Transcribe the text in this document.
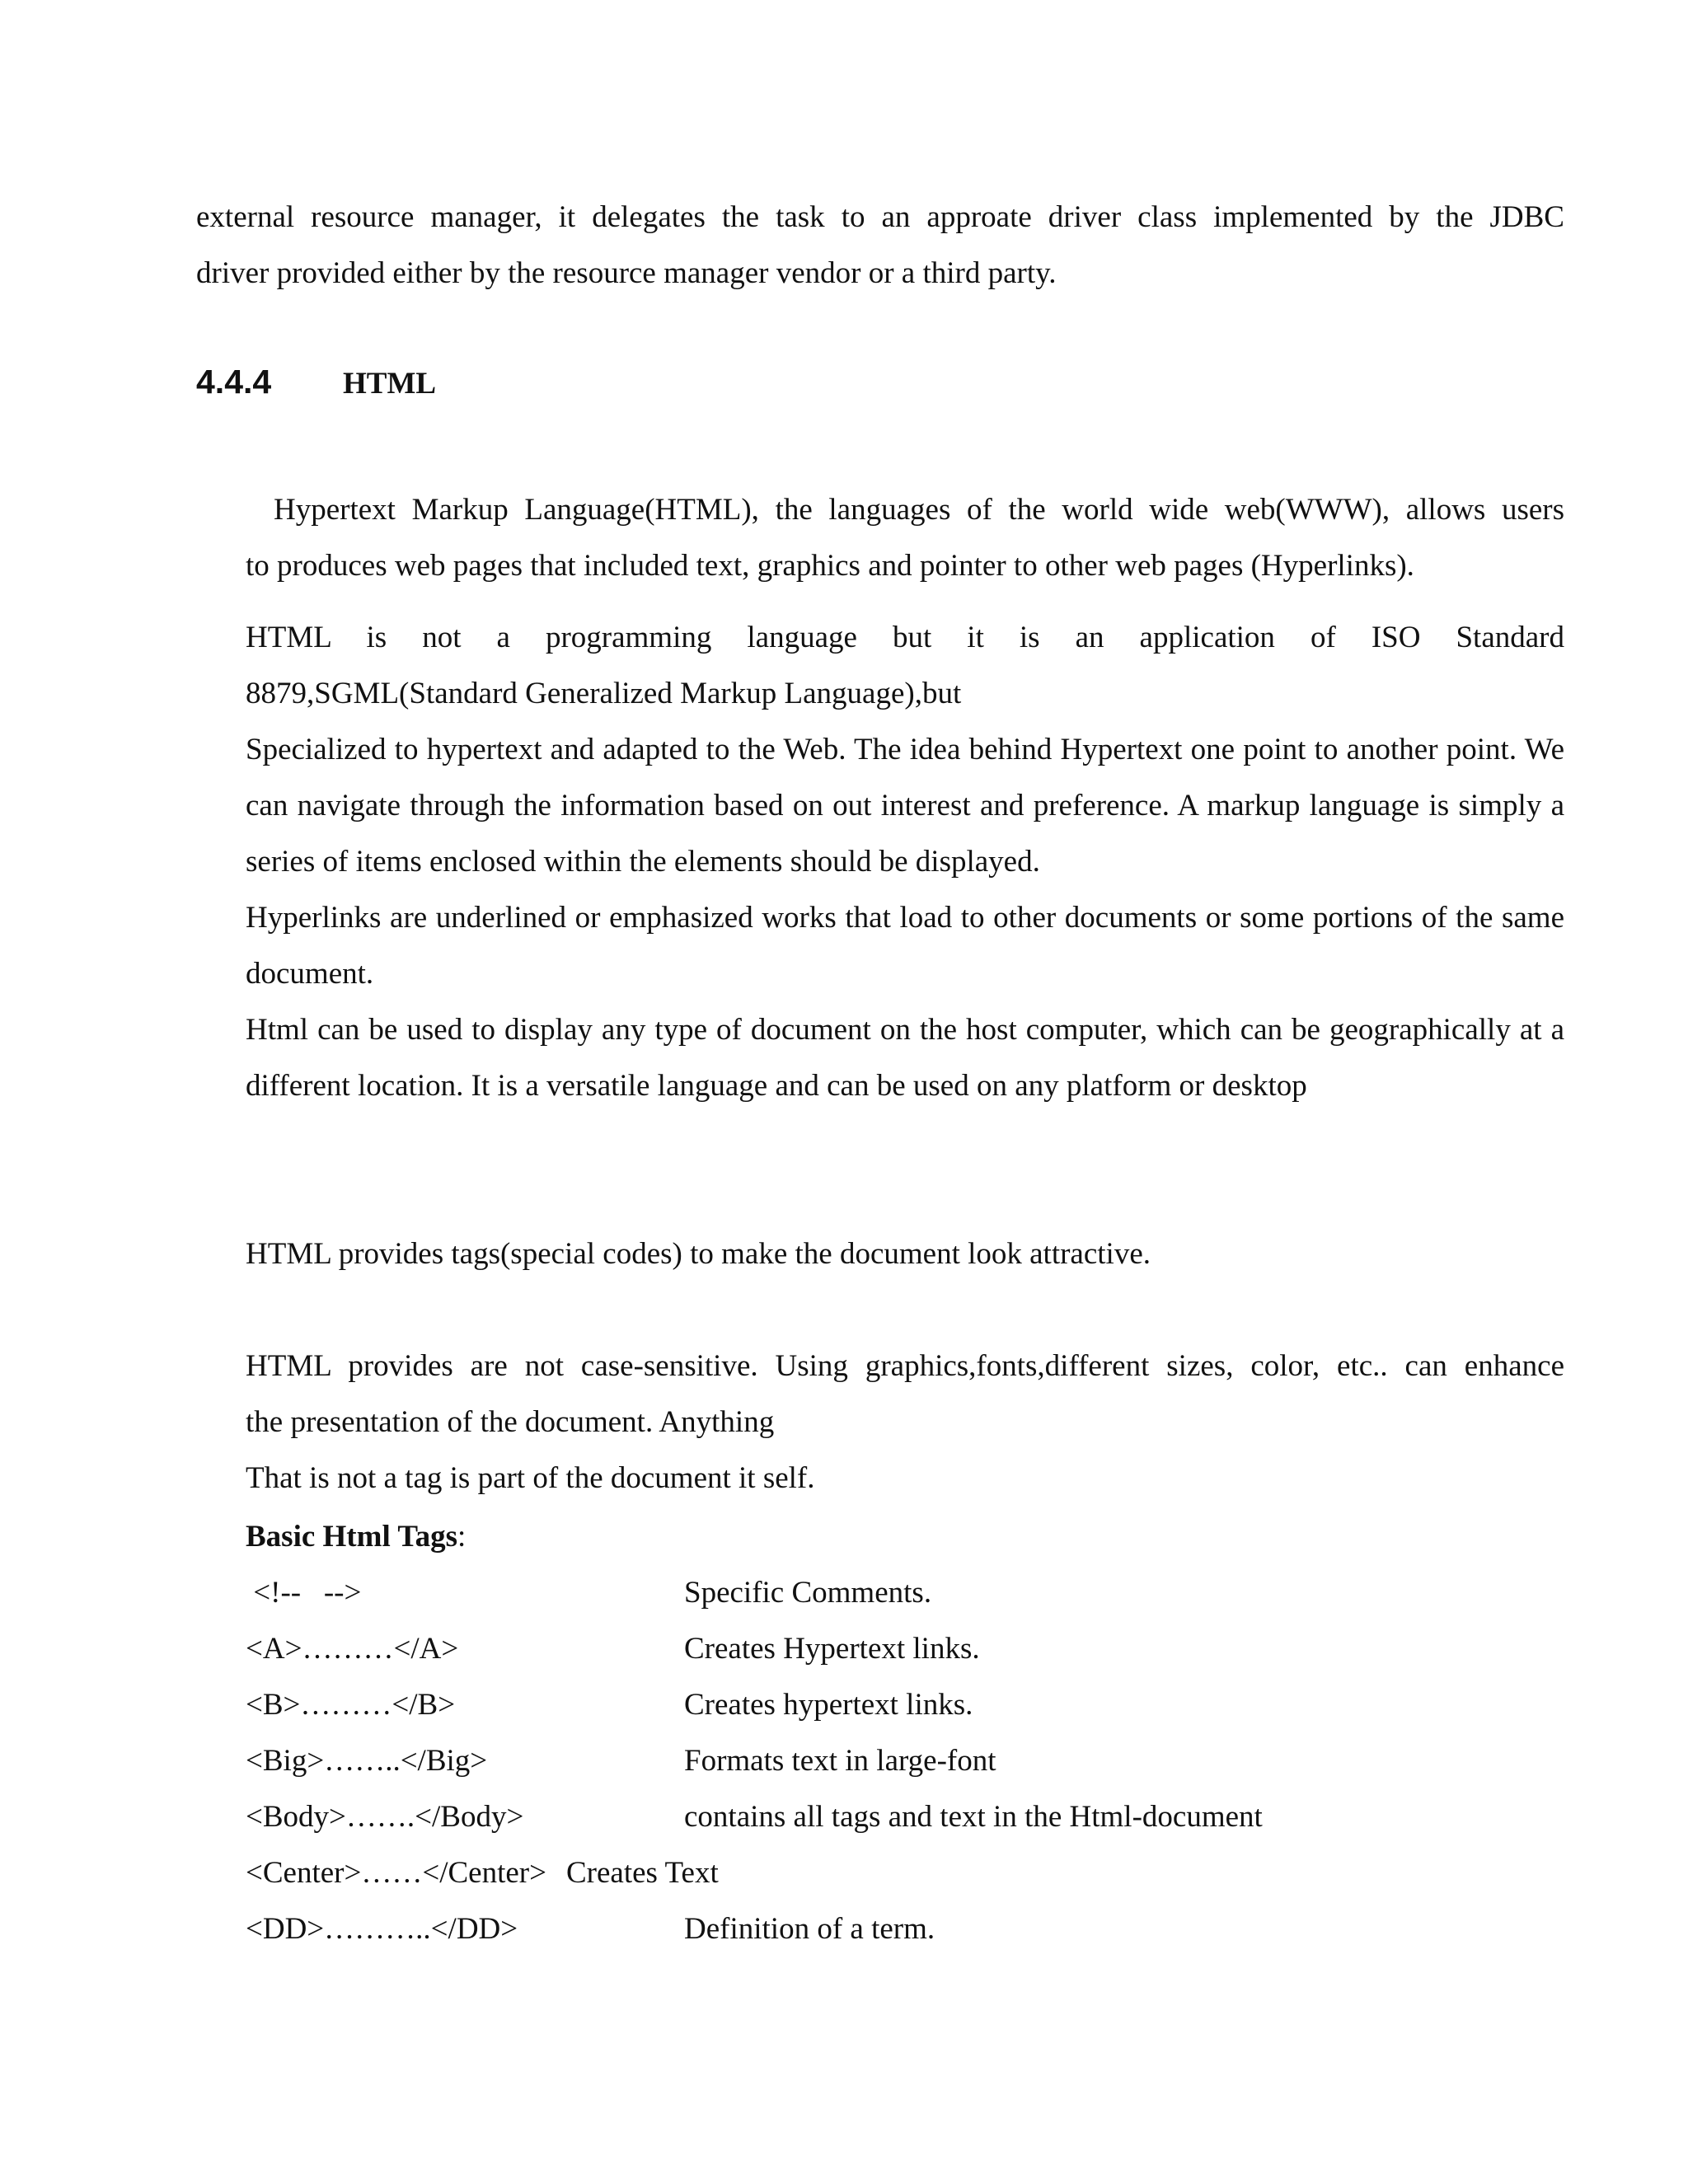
external resource manager, it delegates the task to an approate driver class implemented by the JDBC
driver provided either by the resource manager vendor or a third party.
4.4.4 HTML
Hypertext Markup Language(HTML), the languages of the world wide web(WWW), allows users
to produces web pages that included text, graphics and pointer to other web pages (Hyperlinks).
HTML is not a programming language but it is an application of ISO Standard
8879,SGML(Standard Generalized Markup Language),but
Specialized to hypertext and adapted to the Web. The idea behind Hypertext one point to another point. We can navigate through the information based on out interest and preference. A markup language is simply a series of items enclosed within the elements should be displayed.
Hyperlinks are underlined or emphasized works that load to other documents or some portions of the same document.
Html can be used to display any type of document on the host computer, which can be geographically at a different location. It is a versatile language and can be used on any platform or desktop
HTML provides tags(special codes) to make the document look attractive.
HTML provides are not case-sensitive. Using graphics,fonts,different sizes, color, etc.. can enhance
the presentation of the document. Anything
That is not a tag is part of the document it self.
Basic Html Tags:
<!--   -->	Specific Comments.
<A>………</A>	Creates Hypertext links.
<B>………</B>	Creates hypertext links.
<Big>……..</Big>	Formats text in large-font
<Body>…….</Body>	contains all tags and text in the Html-document
<Center>……</Center> Creates Text
<DD>………..</DD>	Definition of a term.
